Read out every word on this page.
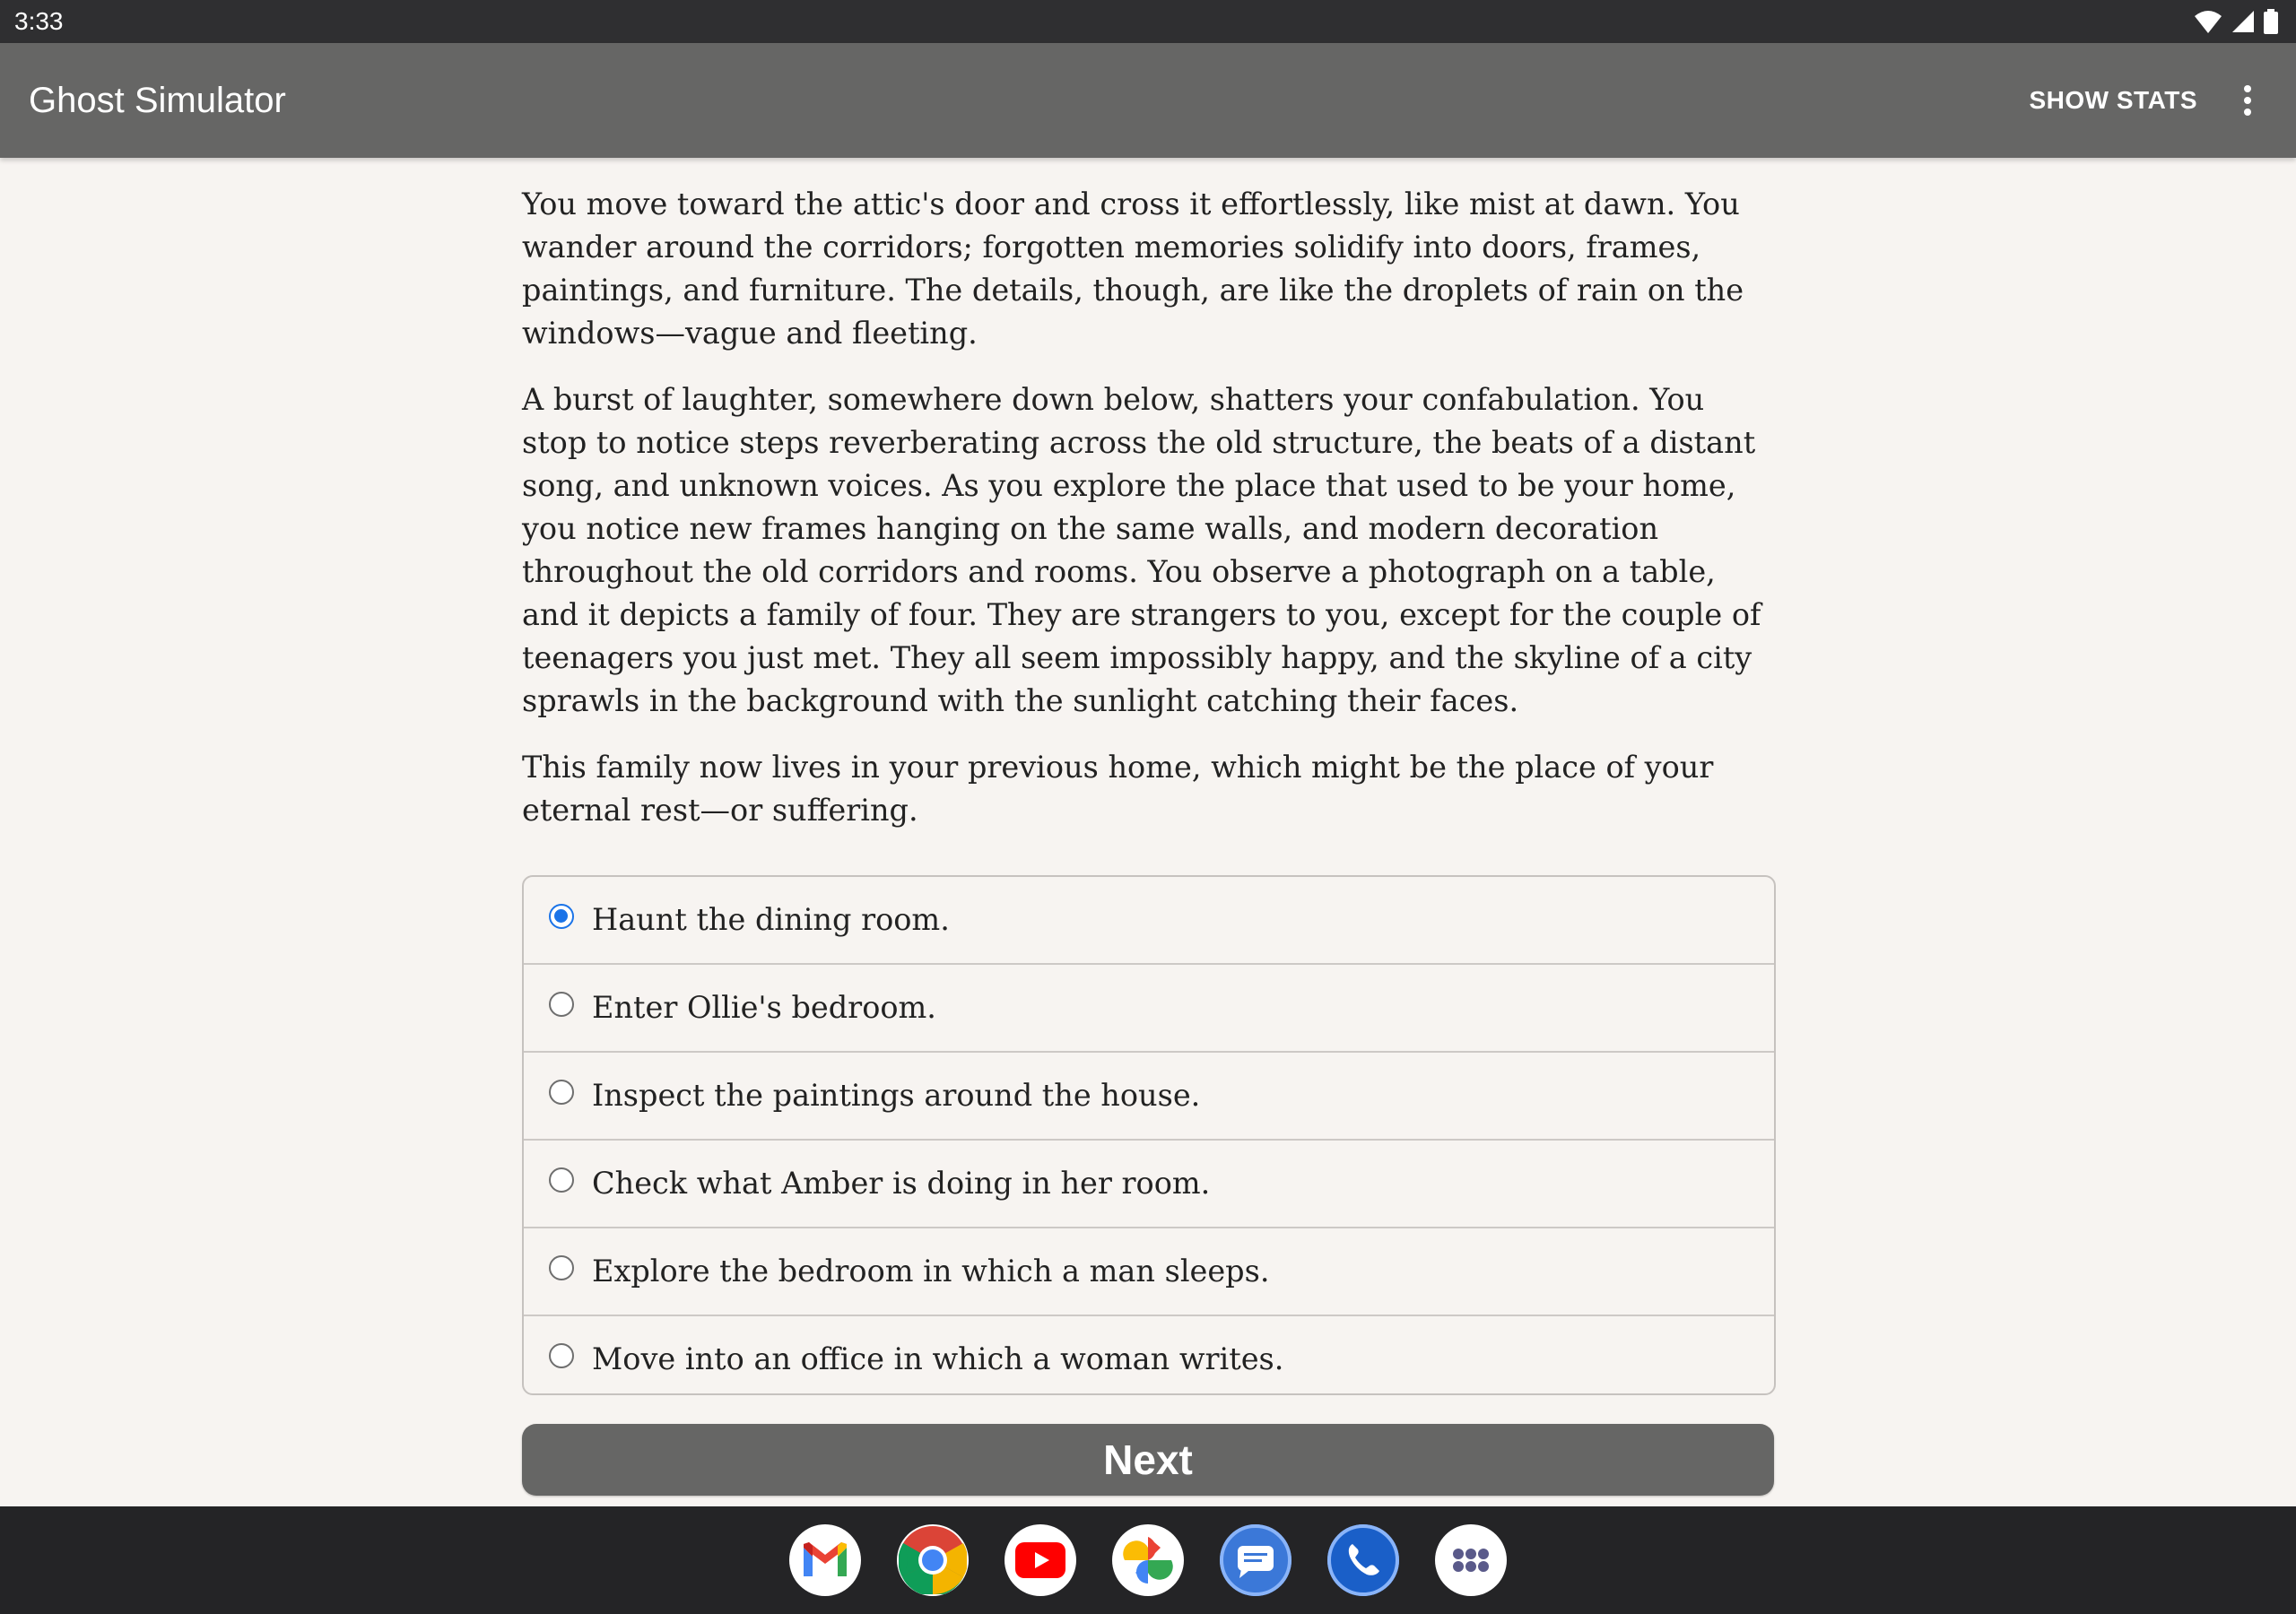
3:33
Ghost Simulator	SHOW STATS

You move toward the attic's door and cross it effortlessly, like mist at dawn. You wander around the corridors; forgotten memories solidify into doors, frames, paintings, and furniture. The details, though, are like the droplets of rain on the windows—vague and fleeting.

A burst of laughter, somewhere down below, shatters your confabulation. You stop to notice steps reverberating across the old structure, the beats of a distant song, and unknown voices. As you explore the place that used to be your home, you notice new frames hanging on the same walls, and modern decoration throughout the old corridors and rooms. You observe a photograph on a table, and it depicts a family of four. They are strangers to you, except for the couple of teenagers you just met. They all seem impossibly happy, and the skyline of a city sprawls in the background with the sunlight catching their faces.

This family now lives in your previous home, which might be the place of your eternal rest—or suffering.

Haunt the dining room.
Enter Ollie's bedroom.
Inspect the paintings around the house.
Check what Amber is doing in her room.
Explore the bedroom in which a man sleeps.
Move into an office in which a woman writes.
Next
